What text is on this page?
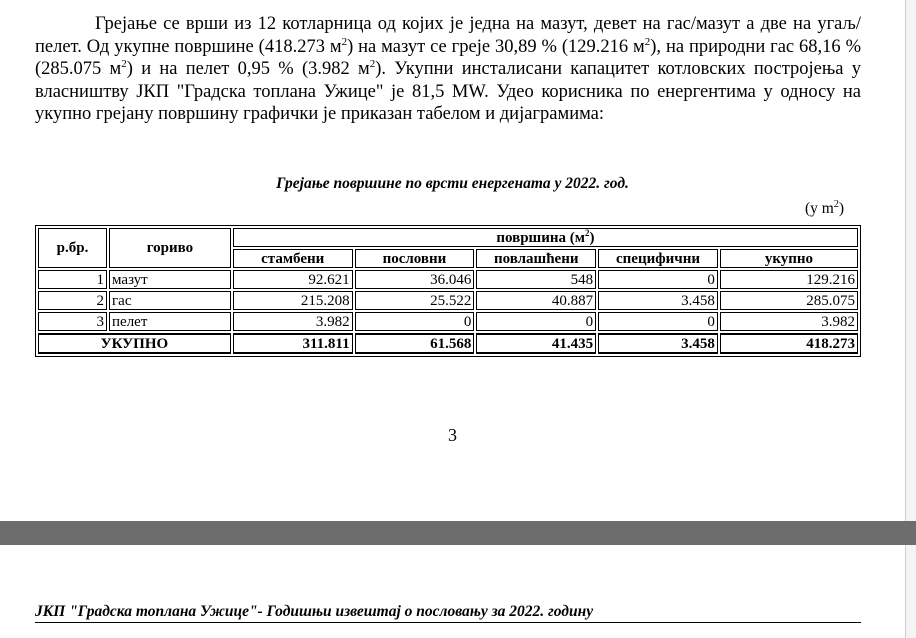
Грејање се врши из 12 котларница од којих је једна на мазут, девет на гас/мазут а две на угаљ/пелет. Од укупне површине (418.273 $м^2$) на мазут се греје 30,89 % (129.216 $м^2$), на природни гас 68,16 % (285.075 $м^2$) и на пелет 0,95 % (3.982 $м^2$). Укупни инсталисани капацитет котловских постројења у власништву ЈКП "Градска топлана Ужице" је 81,5 MW. Удео корисника по енергентима у односу на укупно грејану површину графички је приказан табелом и дијаграмима:

Грејање површине по врсти енергената у 2022. год.
(у $m^2$)
р.бр.	гориво	површина $(м^2)$				
		стамбени	пословни	повлашћени	специфични	укупно
1	мазут	92.621	36.046	548	0	129.216
2	гас	215.208	25.522	40.887	3.458	285.075
3	пелет	3.982	0	0	0	3.982
УКУПНО		311.811	61.568	41.435	3.458	418.273
3
ЈКП "Градска топлана Ужице"- Годишњи извештај о пословању за 2022. годину
